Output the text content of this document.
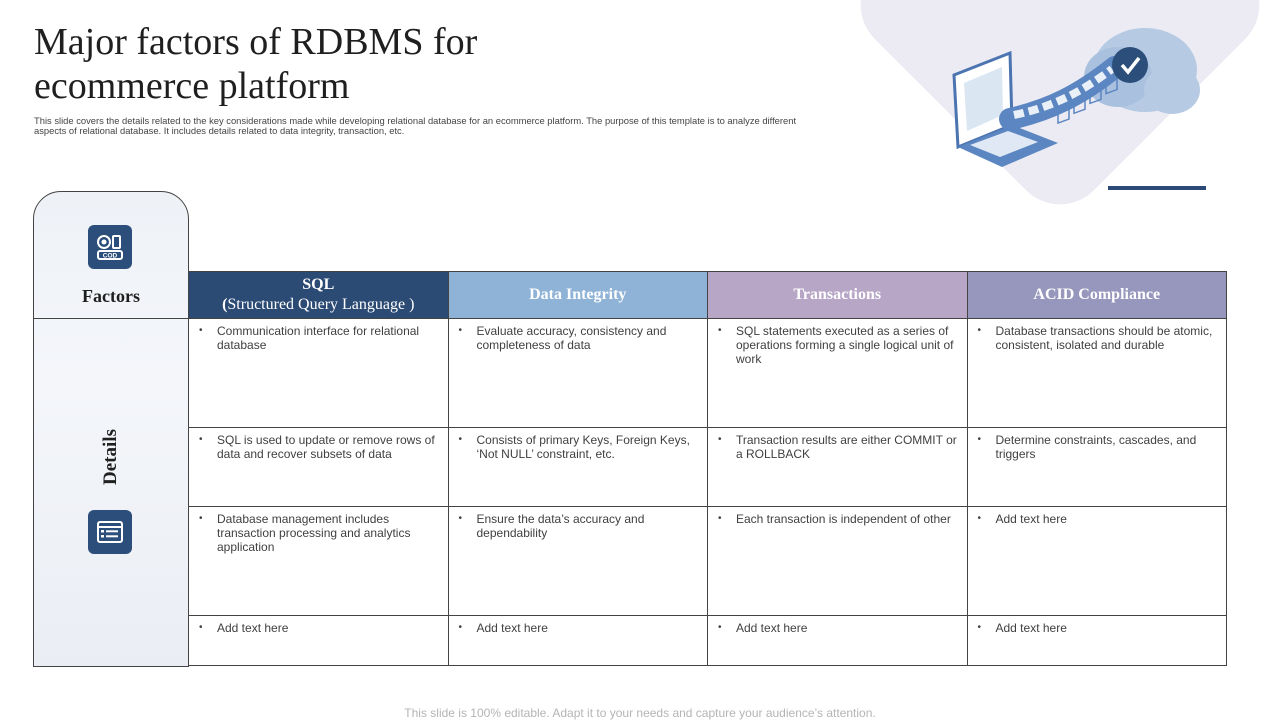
Major factors of RDBMS for ecommerce platform
This slide covers the details related to the key considerations made while developing relational database for an ecommerce platform. The purpose of this template is to analyze different aspects of relational database. It includes details related to data integrity, transaction, etc.
COD
Factors
Details
SQL
(Structured Query Language )	Data Integrity	Transactions	ACID Compliance

• Communication interface for relational database	• Evaluate accuracy, consistency and completeness of data	• SQL statements executed as a series of operations forming a single logical unit of work	• Database transactions should be atomic, consistent, isolated and durable

• SQL is used to update or remove rows of data and recover subsets of data	• Consists of primary Keys, Foreign Keys, ‘Not NULL’ constraint, etc.	• Transaction results are either COMMIT or a ROLLBACK	• Determine constraints, cascades, and triggers

• Database management includes transaction processing and analytics application	• Ensure the data’s accuracy and dependability	• Each transaction is independent of other	• Add text here

• Add text here	• Add text here	• Add text here	• Add text here
This slide is 100% editable. Adapt it to your needs and capture your audience’s attention.
